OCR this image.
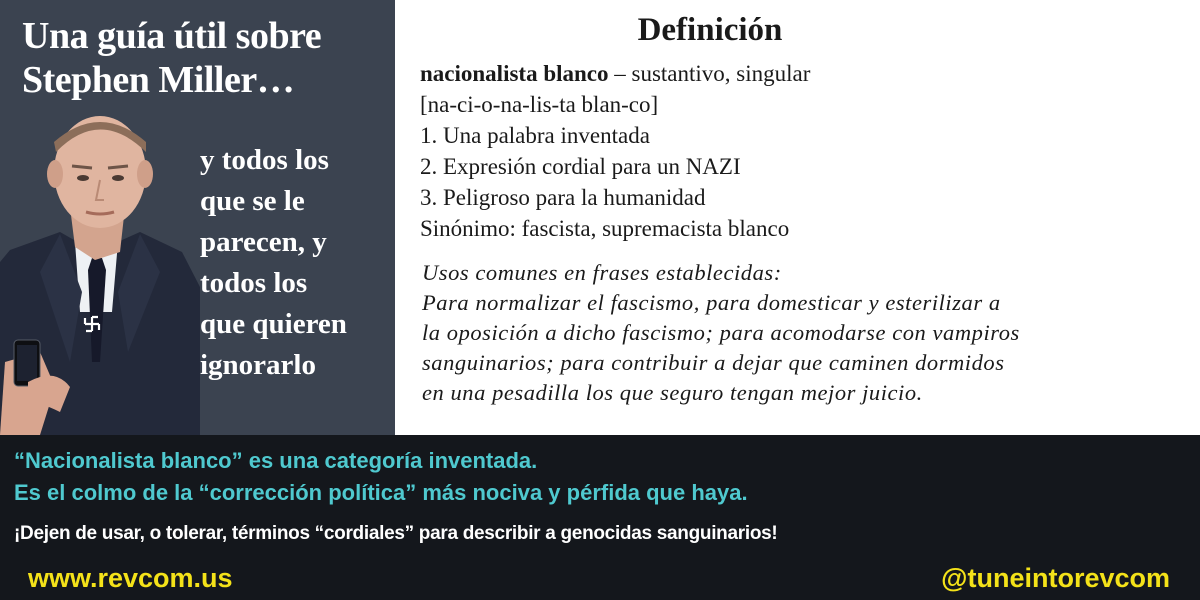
Una guía útil sobre
Stephen Miller…
y todos los
que se le
parecen, y
todos los
que quieren
ignorarlo
Definición
nacionalista blanco – sustantivo, singular
[na-ci-o-na-lis-ta blan-co]
1. Una palabra inventada
2. Expresión cordial para un NAZI
3. Peligroso para la humanidad
Sinónimo: fascista, supremacista blanco
Usos comunes en frases establecidas:
Para normalizar el fascismo, para domesticar y esterilizar a
la oposición a dicho fascismo; para acomodarse con vampiros
sanguinarios; para contribuir a dejar que caminen dormidos
en una pesadilla los que seguro tengan mejor juicio.
“Nacionalista blanco” es una categoría inventada.
Es el colmo de la “corrección política” más nociva y pérfida que haya.
¡Dejen de usar, o tolerar, términos “cordiales” para describir a genocidas sanguinarios!
www.revcom.us	@tuneintorevcom
